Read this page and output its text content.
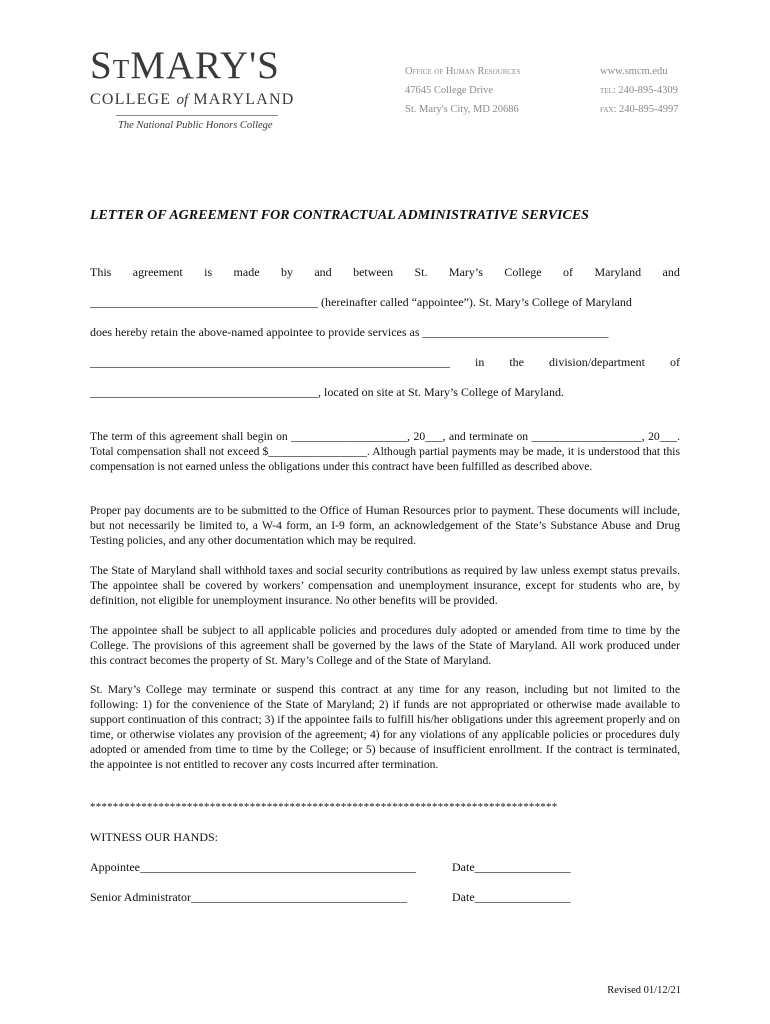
STMARY'S
COLLEGE of MARYLAND
The National Public Honors College
Office of Human Resources
47645 College Drive
St. Mary's City, MD 20686
www.smcm.edu
tel: 240-895-4309
fax: 240-895-4997
LETTER OF AGREEMENT FOR CONTRACTUAL ADMINISTRATIVE SERVICES
This agreement is made by and between St. Mary’s College of Maryland and
______________________________________ (hereinafter called “appointee”). St. Mary’s College of Maryland
does hereby retain the above-named appointee to provide services as _______________________________
____________________________________________________________ in the division/department of
______________________________________, located on site at St. Mary’s College of Maryland.
The term of this agreement shall begin on ____________________, 20___, and terminate on ___________________, 20___. Total compensation shall not exceed $_________________. Although partial payments may be made, it is understood that this compensation is not earned unless the obligations under this contract have been fulfilled as described above.
Proper pay documents are to be submitted to the Office of Human Resources prior to payment. These documents will include, but not necessarily be limited to, a W-4 form, an I-9 form, an acknowledgement of the State’s Substance Abuse and Drug Testing policies, and any other documentation which may be required.
The State of Maryland shall withhold taxes and social security contributions as required by law unless exempt status prevails. The appointee shall be covered by workers’ compensation and unemployment insurance, except for students who are, by definition, not eligible for unemployment insurance. No other benefits will be provided.
The appointee shall be subject to all applicable policies and procedures duly adopted or amended from time to time by the College. The provisions of this agreement shall be governed by the laws of the State of Maryland. All work produced under this contract becomes the property of St. Mary’s College and of the State of Maryland.
St. Mary’s College may terminate or suspend this contract at any time for any reason, including but not limited to the following: 1) for the convenience of the State of Maryland; 2) if funds are not appropriated or otherwise made available to support continuation of this contract; 3) if the appointee fails to fulfill his/her obligations under this agreement properly and on time, or otherwise violates any provision of the agreement; 4) for any violations of any applicable policies or procedures duly adopted or amended from time to time by the College; or 5) because of insufficient enrollment. If the contract is terminated, the appointee is not entitled to recover any costs incurred after termination.
**********************************************************************************
WITNESS OUR HANDS:
Appointee______________________________________________	Date________________
Senior Administrator____________________________________	Date________________
Revised 01/12/21
